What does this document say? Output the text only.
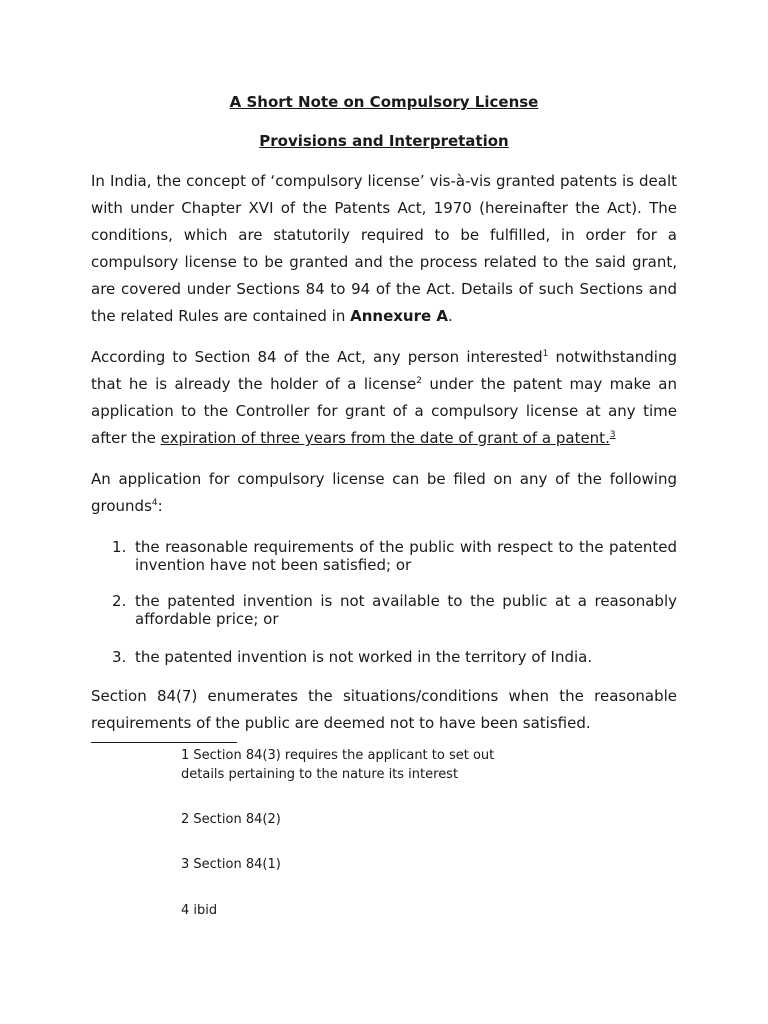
A Short Note on Compulsory License
Provisions and Interpretation

In India, the concept of ‘compulsory license’ vis-à-vis granted patents is dealt with under Chapter XVI of the Patents Act, 1970 (hereinafter the Act). The conditions, which are statutorily required to be fulfilled, in order for a compulsory license to be granted and the process related to the said grant, are covered under Sections 84 to 94 of the Act. Details of such Sections and the related Rules are contained in Annexure A.

According to Section 84 of the Act, any person interested$^1$ notwithstanding that he is already the holder of a license$^2$ under the patent may make an application to the Controller for grant of a compulsory license at any time after the expiration of three years from the date of grant of a patent.$^3$

An application for compulsory license can be filed on any of the following grounds$^4$:

1. the reasonable requirements of the public with respect to the patented invention have not been satisfied; or
2. the patented invention is not available to the public at a reasonably affordable price; or
3. the patented invention is not worked in the territory of India.

Section 84(7) enumerates the situations/conditions when the reasonable requirements of the public are deemed not to have been satisfied.

1 Section 84(3) requires the applicant to set out details pertaining to the nature its interest

2 Section 84(2)

3 Section 84(1)

4 ibid
